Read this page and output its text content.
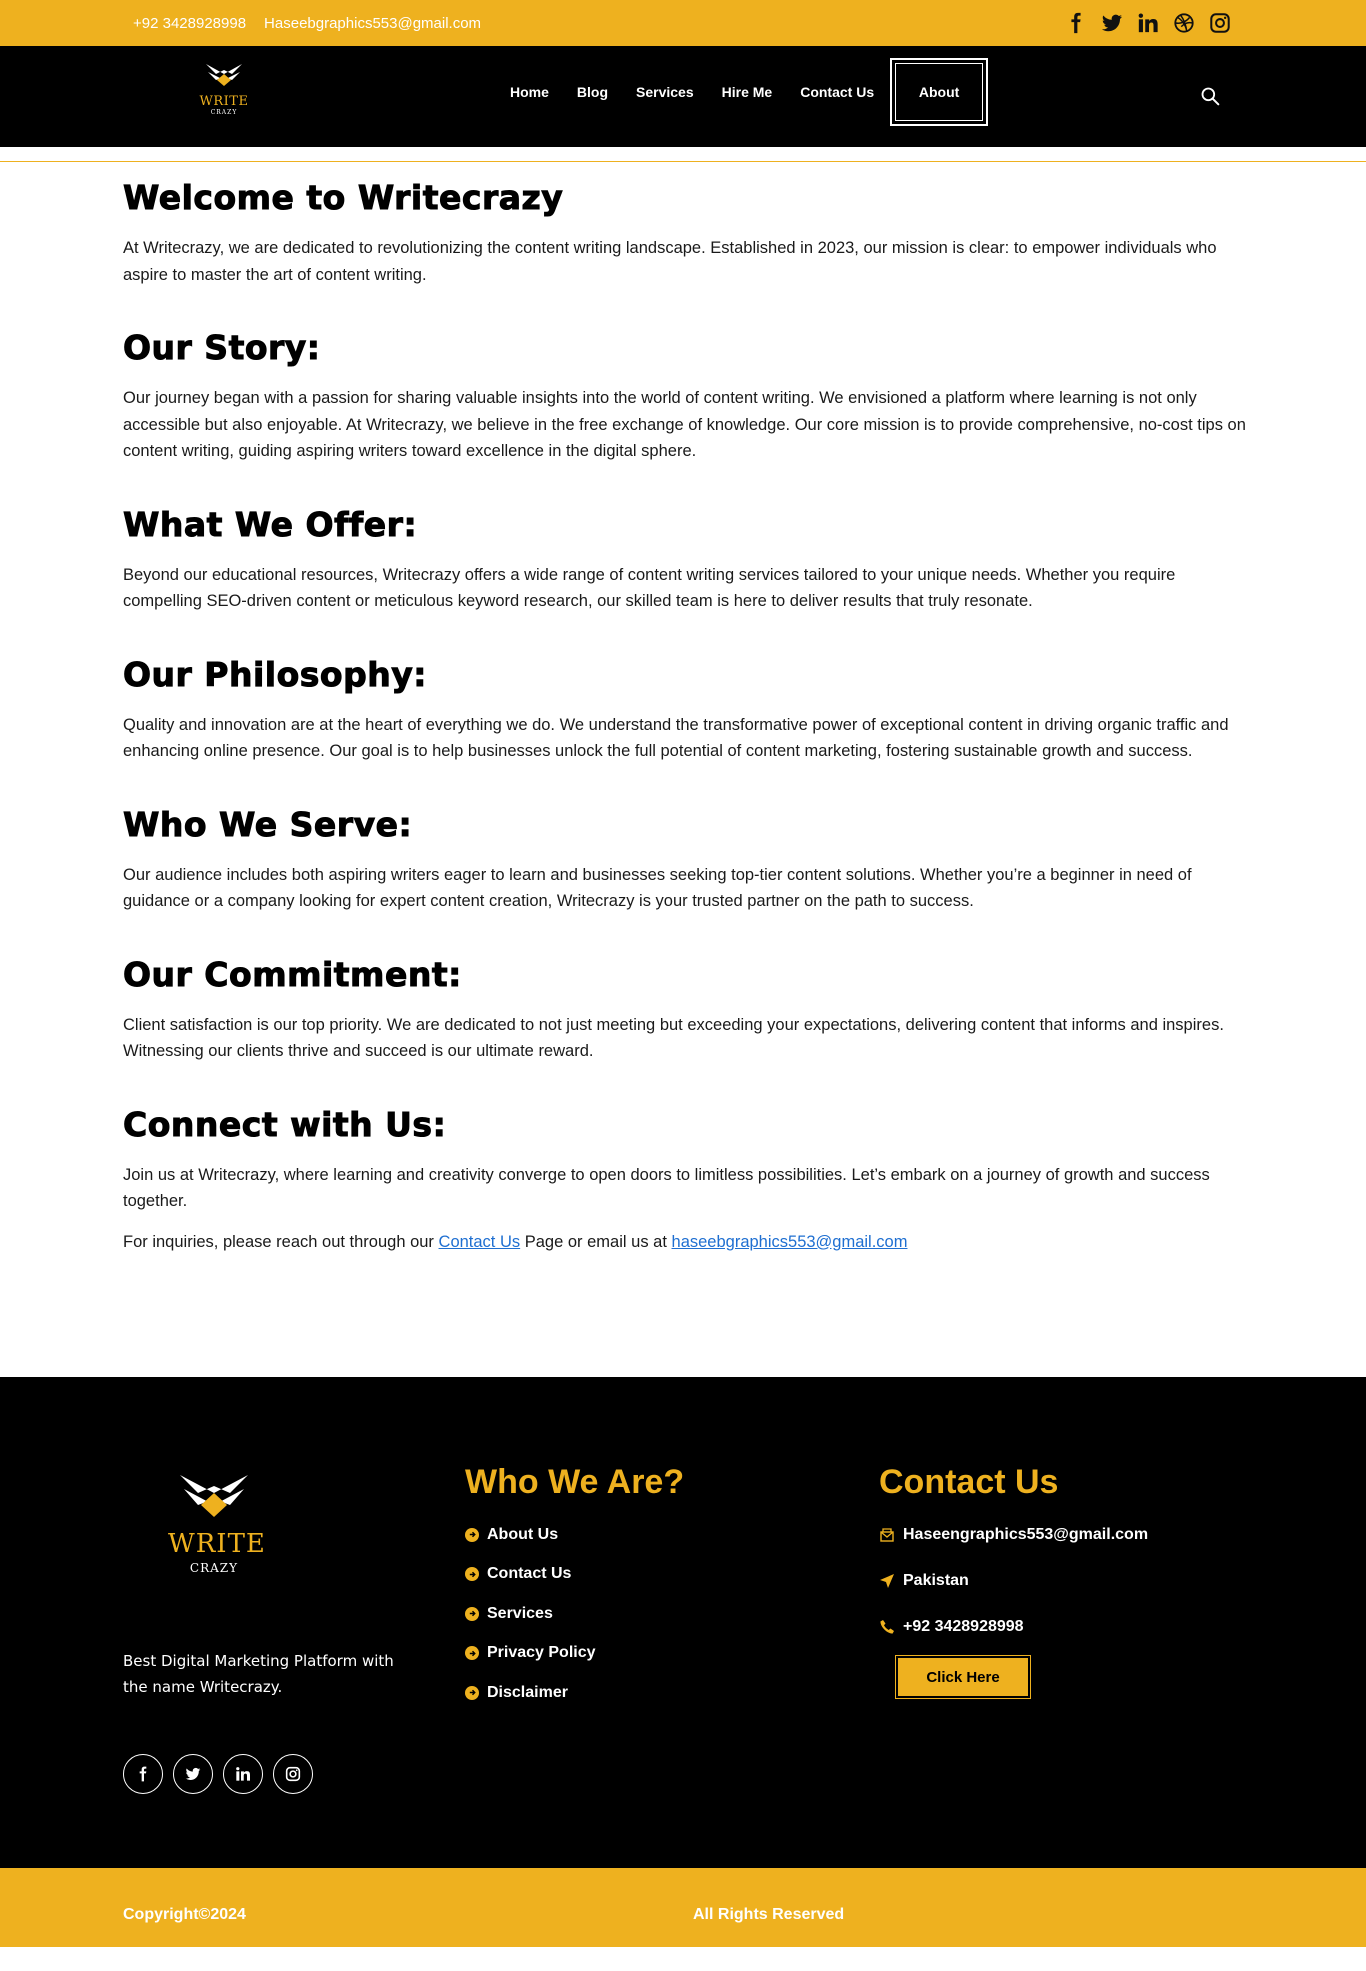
+92 3428928998 Haseebgraphics553@gmail.com
WRITE
CRAZY
Home	Blog	Services	Hire Me	Contact Us	About Us
Welcome to Writecrazy

At Writecrazy, we are dedicated to revolutionizing the content writing landscape. Established in 2023, our mission is clear: to empower individuals who aspire to master the art of content writing.

Our Story:

Our journey began with a passion for sharing valuable insights into the world of content writing. We envisioned a platform where learning is not only accessible but also enjoyable. At Writecrazy, we believe in the free exchange of knowledge. Our core mission is to provide comprehensive, no-cost tips on content writing, guiding aspiring writers toward excellence in the digital sphere.

What We Offer:

Beyond our educational resources, Writecrazy offers a wide range of content writing services tailored to your unique needs. Whether you require compelling SEO-driven content or meticulous keyword research, our skilled team is here to deliver results that truly resonate.

Our Philosophy:

Quality and innovation are at the heart of everything we do. We understand the transformative power of exceptional content in driving organic traffic and enhancing online presence. Our goal is to help businesses unlock the full potential of content marketing, fostering sustainable growth and success.

Who We Serve:

Our audience includes both aspiring writers eager to learn and businesses seeking top-tier content solutions. Whether you’re a beginner in need of guidance or a company looking for expert content creation, Writecrazy is your trusted partner on the path to success.

Our Commitment:

Client satisfaction is our top priority. We are dedicated to not just meeting but exceeding your expectations, delivering content that informs and inspires. Witnessing our clients thrive and succeed is our ultimate reward.

Connect with Us:

Join us at Writecrazy, where learning and creativity converge to open doors to limitless possibilities. Let’s embark on a journey of growth and success together.

For inquiries, please reach out through our Contact Us Page or email us at haseebgraphics553@gmail.com

WRITE
CRAZY
Best Digital Marketing Platform with the name Writecrazy.
Who We Are?
About Us
Contact Us
Services
Privacy Policy
Disclaimer
Contact Us
Haseengraphics553@gmail.com
Pakistan
+92 3428928998
Click Here
Copyright©2024	All Rights Reserved
